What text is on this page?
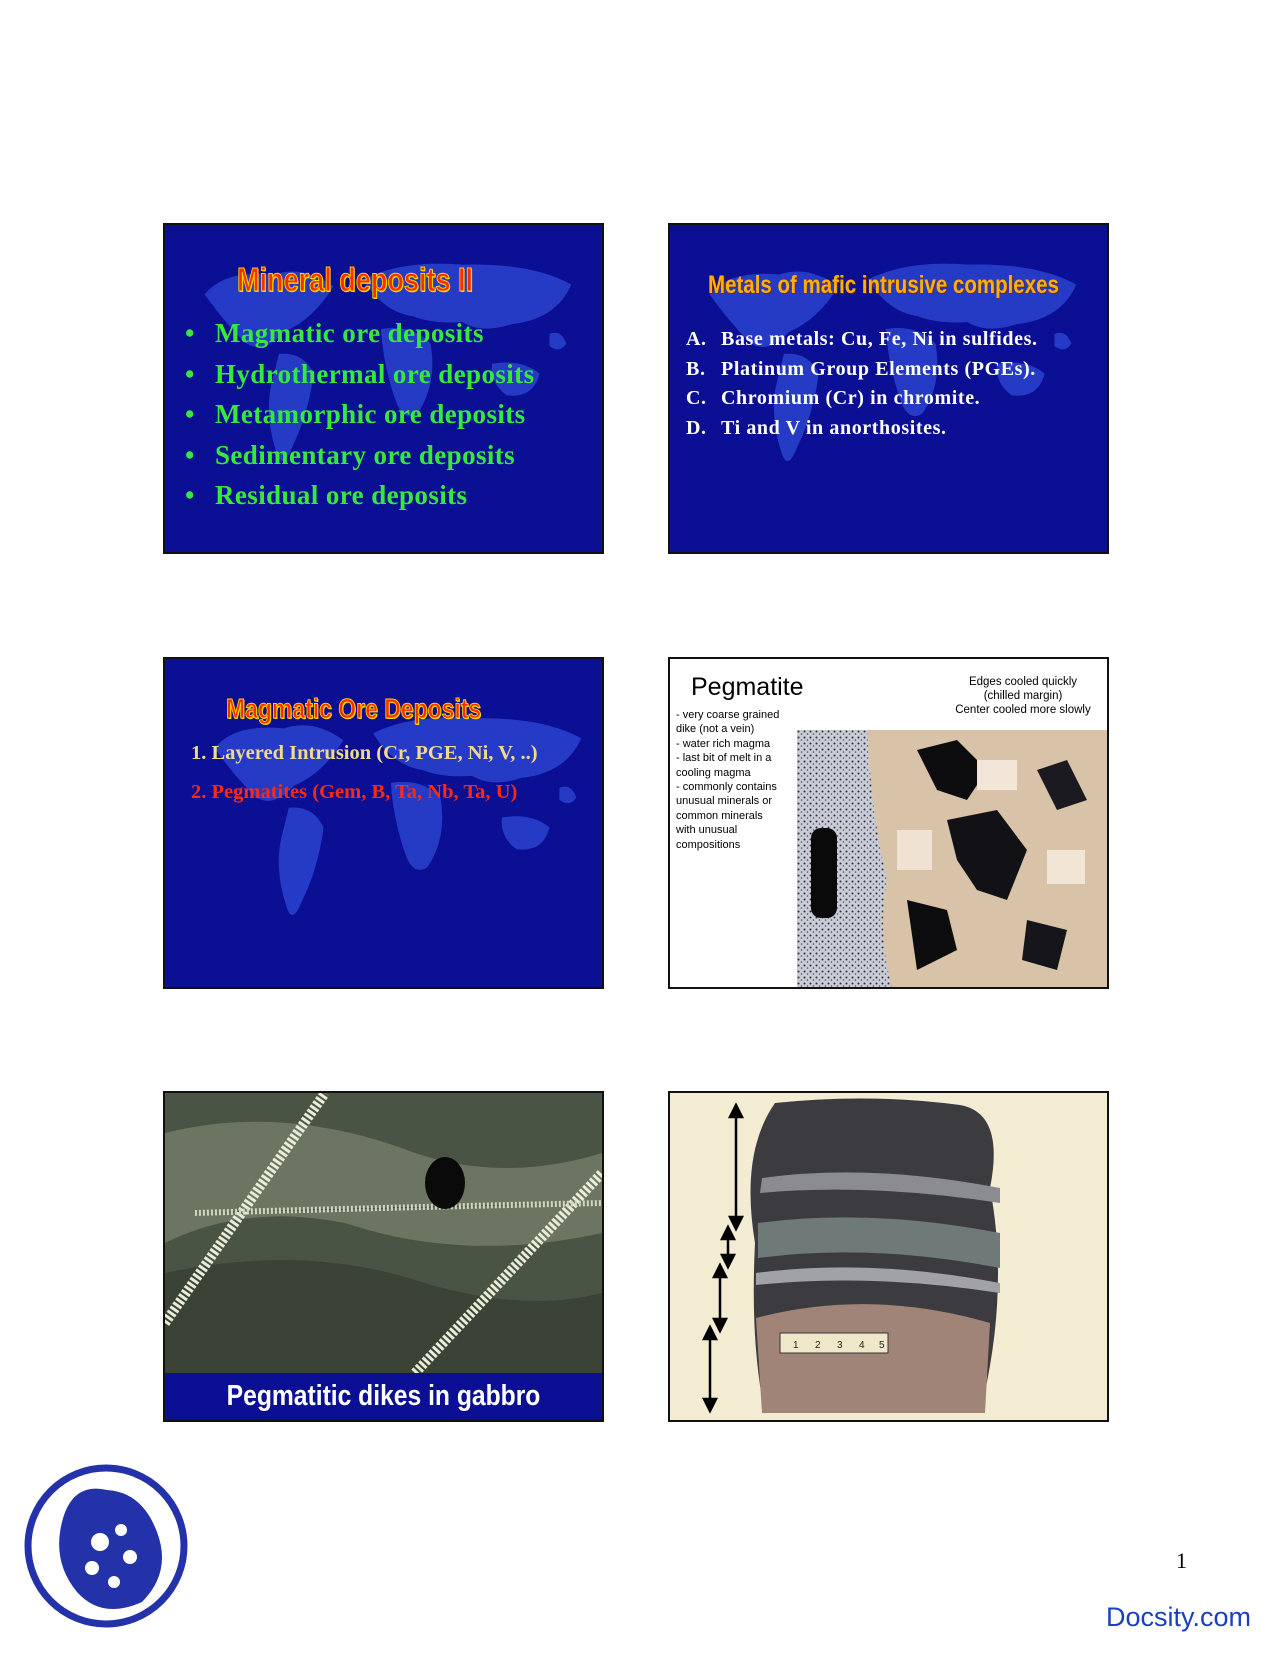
Mineral deposits II
• Magmatic ore deposits
• Hydrothermal ore deposits
• Metamorphic ore deposits
• Sedimentary ore deposits
• Residual ore deposits
Metals of mafic intrusive complexes
A. Base metals: Cu, Fe, Ni in sulfides.
B. Platinum Group Elements (PGEs).
C. Chromium (Cr) in chromite.
D. Ti and V in anorthosites.
Magmatic Ore Deposits
1. Layered Intrusion (Cr, PGE, Ni, V, ..)
2. Pegmatites (Gem, B, Ta, Nb, Ta, U)
Pegmatite	Edges cooled quickly
(chilled margin)
Center cooled more slowly
- very coarse grained
dike (not a vein)
- water rich magma
- last bit of melt in a
cooling magma
- commonly contains
unusual minerals or
common minerals
with unusual
compositions
Pegmatitic dikes in gabbro
1 2 3 4 5
1
Docsity.com
